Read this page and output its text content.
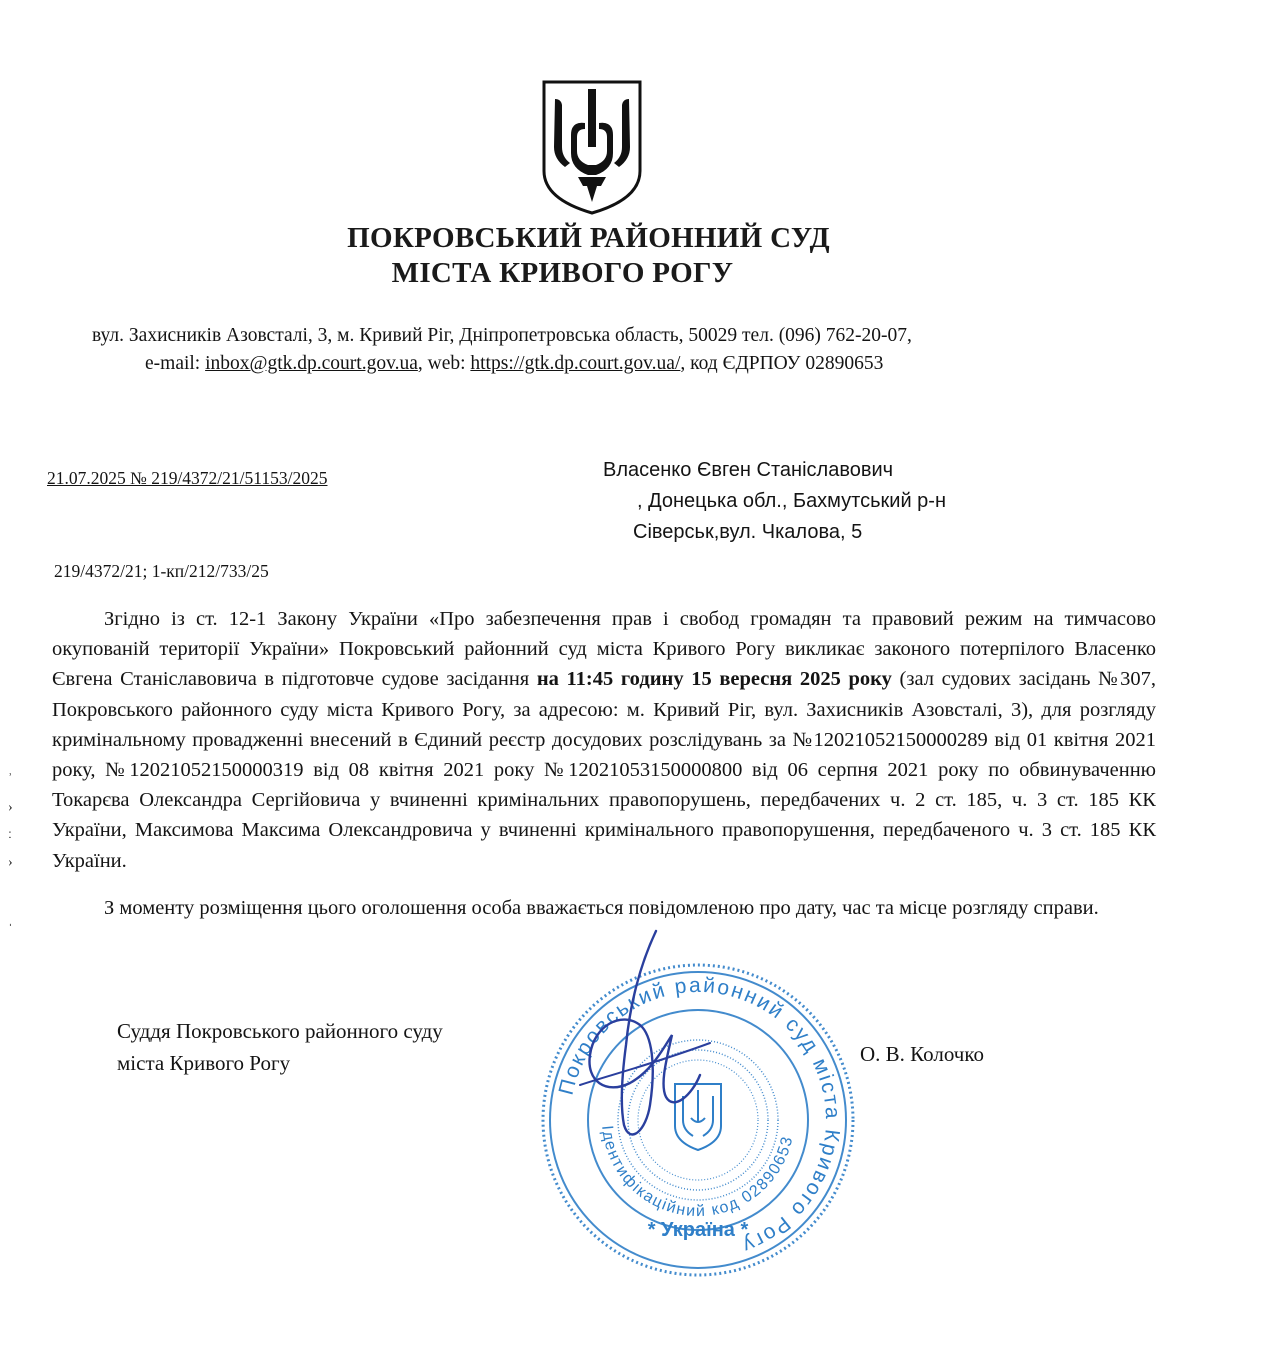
ПОКРОВСЬКИЙ РАЙОННИЙ СУД
МІСТА КРИВОГО РОГУ
вул. Захисників Азовсталі, 3, м. Кривий Ріг, Дніпропетровська область, 50029 тел. (096) 762-20-07,
e-mail: inbox@gtk.dp.court.gov.ua, web: https://gtk.dp.court.gov.ua/, код ЄДРПОУ 02890653
21.07.2025 № 219/4372/21/51153/2025	Власенко Євген Станіславович
, Донецька обл., Бахмутський р-н
Сіверськ,вул. Чкалова, 5
219/4372/21; 1-кп/212/733/25

Згідно із ст. 12-1 Закону України «Про забезпечення прав і свобод громадян та правовий режим на тимчасово окупованій території України» Покровський районний суд міста Кривого Рогу викликає законого потерпілого Власенко Євгена Станіславовича в підготовче судове засідання на 11:45 годину 15 вересня 2025 року (зал судових засідань №307, Покровського районного суду міста Кривого Рогу, за адресою: м. Кривий Ріг, вул. Захисників Азовсталі, 3), для розгляду кримінальному провадженні внесений в Єдиний реєстр досудових розслідувань за №12021052150000289 від 01 квітня 2021 року, №12021052150000319 від 08 квітня 2021 року №12021053150000800 від 06 серпня 2021 року по обвинуваченню Токарєва Олександра Сергійовича у вчиненні кримінальних правопорушень, передбачених ч. 2 ст. 185, ч. 3 ст. 185 КК України, Максимова Максима Олександровича у вчиненні кримінального правопорушення, передбаченого ч. 3 ст. 185 КК України.

З моменту розміщення цього оголошення особа вважається повідомленою про дату, час та місце розгляду справи.

Суддя Покровського районного суду
міста Кривого Рогу	О. В. Колочко
ʾ
›
ː
›
ˌ
Покровський районний суд міста Кривого Рогу
Ідентифікаційний код 02890653
* Україна *
